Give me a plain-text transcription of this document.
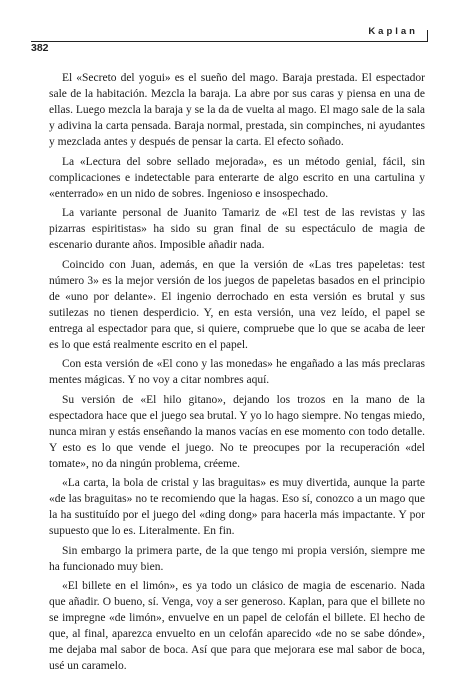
Kaplan
382

El «Secreto del yogui» es el sueño del mago. Baraja prestada. El espectador sale de la habitación. Mezcla la baraja. La abre por sus caras y piensa en una de ellas. Luego mezcla la baraja y se la da de vuelta al mago. El mago sale de la sala y adivina la carta pensada. Baraja normal, prestada, sin compinches, ni ayudantes y mezclada antes y después de pensar la carta. El efecto soñado.

La «Lectura del sobre sellado mejorada», es un método genial, fácil, sin complicaciones e indetectable para enterarte de algo escrito en una cartulina y «enterrado» en un nido de sobres. Ingenioso e insospechado.

La variante personal de Juanito Tamariz de «El test de las revistas y las pizarras espiritistas» ha sido su gran final de su espectáculo de magia de escenario durante años. Imposible añadir nada.

Coincido con Juan, además, en que la versión de «Las tres papeletas: test número 3» es la mejor versión de los juegos de papeletas basados en el principio de «uno por delante». El ingenio derrochado en esta versión es brutal y sus sutilezas no tienen desperdicio. Y, en esta versión, una vez leído, el papel se entrega al espectador para que, si quiere, compruebe que lo que se acaba de leer es lo que está realmente escrito en el papel.

Con esta versión de «El cono y las monedas» he engañado a las más preclaras mentes mágicas. Y no voy a citar nombres aquí.

Su versión de «El hilo gitano», dejando los trozos en la mano de la espectadora hace que el juego sea brutal. Y yo lo hago siempre. No tengas miedo, nunca miran y estás enseñando la manos vacías en ese momento con todo detalle. Y esto es lo que vende el juego. No te preocupes por la recuperación «del tomate», no da ningún problema, créeme.

«La carta, la bola de cristal y las braguitas» es muy divertida, aunque la parte «de las braguitas» no te recomiendo que la hagas. Eso sí, conozco a un mago que la ha sustituído por el juego del «ding dong» para hacerla más impactante. Y por supuesto que lo es. Literalmente. En fin.

Sin embargo la primera parte, de la que tengo mi propia versión, siempre me ha funcionado muy bien.

«El billete en el limón», es ya todo un clásico de magia de escenario. Nada que añadir. O bueno, sí. Venga, voy a ser generoso. Kaplan, para que el billete no se impregne «de limón», envuelve en un papel de celofán el billete. El hecho de que, al final, aparezca envuelto en un celofán aparecido «de no se sabe dónde», me dejaba mal sabor de boca. Así que para que mejorara ese mal sabor de boca, usé un caramelo.
